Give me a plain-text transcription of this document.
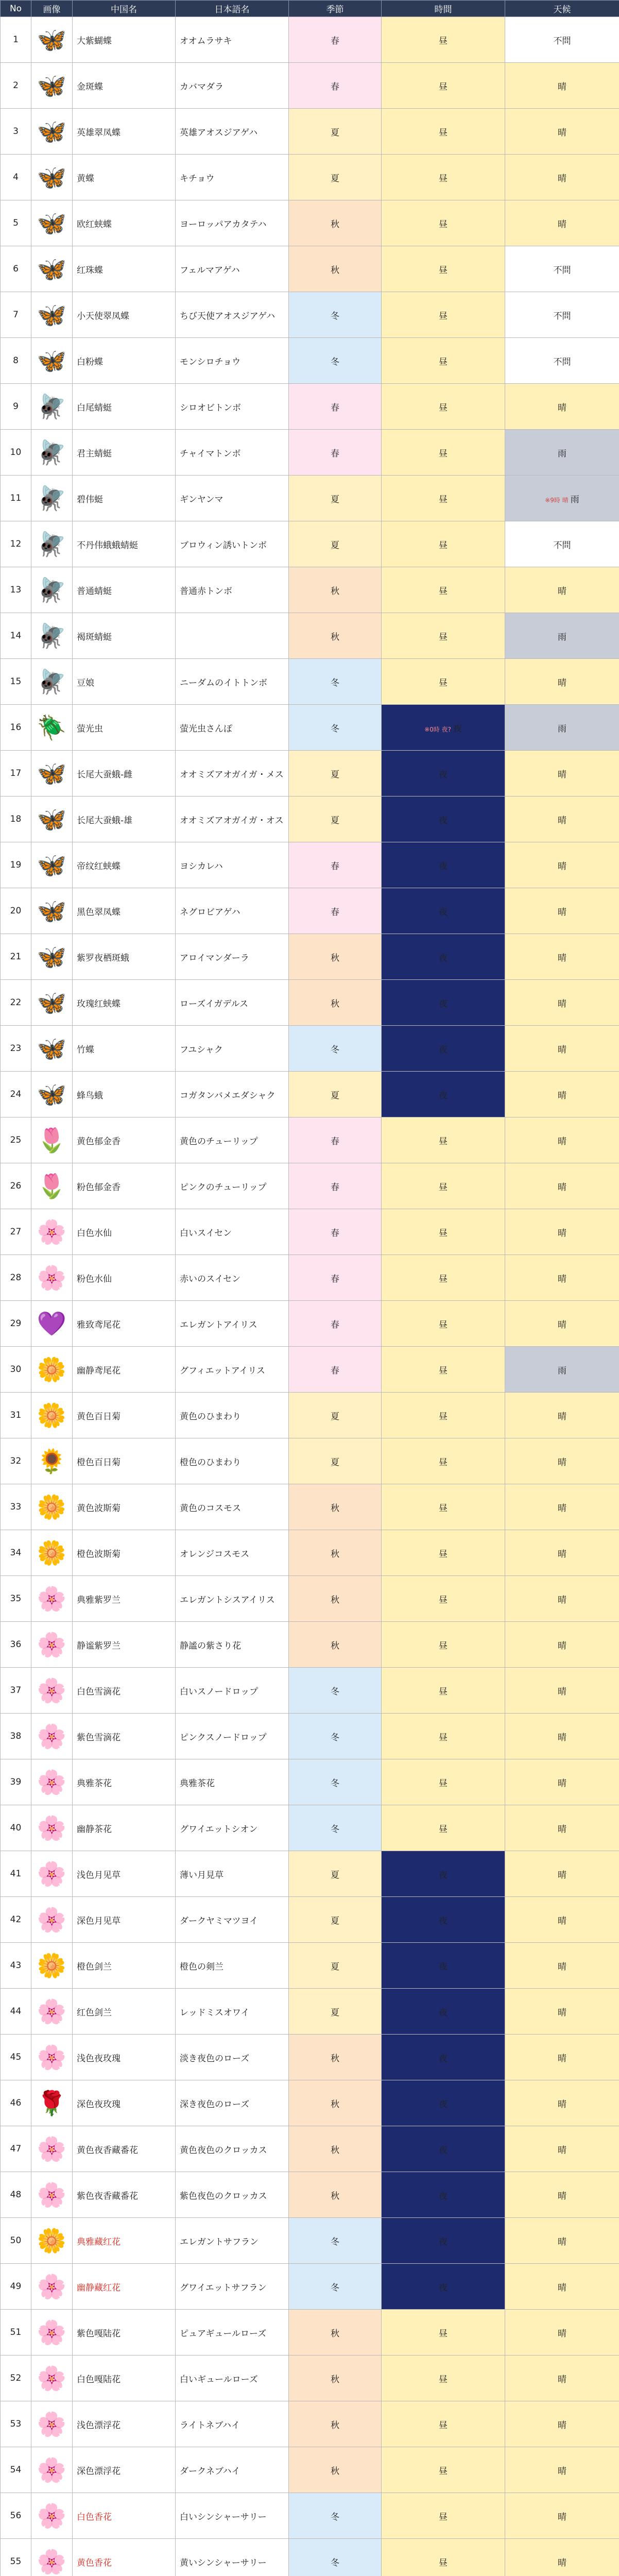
No	画像	中国名	日本語名	季節	時間	天候
1	🦋	大紫蝴蝶	オオムラサキ	春	昼	不問
2	🦋	金斑蝶	カバマダラ	春	昼	晴
3	🦋	英雄翠凤蝶	英雄アオスジアゲハ	夏	昼	晴
4	🦋	黄蝶	キチョウ	夏	昼	晴
5	🦋	欧红蛱蝶	ヨーロッパアカタテハ	秋	昼	晴
6	🦋	红珠蝶	フェルマアゲハ	秋	昼	不問
7	🦋	小天使翠凤蝶	ちび天使アオスジアゲハ	冬	昼	不問
8	🦋	白粉蝶	モンシロチョウ	冬	昼	不問
9	🪰	白尾蜻蜓	シロオビトンボ	春	昼	晴
10	🪰	君主蜻蜓	チャイマトンボ	春	昼	雨
11	🪰	碧伟蜓	ギンヤンマ	夏	昼	※9時 晴 雨
12	🪰	不丹伟蛾蛾蜻蜓	ブロウィン誘いトンボ	夏	昼	不問
13	🪰	普通蜻蜓	普通赤トンボ	秋	昼	晴
14	🪰	褐斑蜻蜓		秋	昼	雨
15	🪰	豆娘	ニーダムのイトトンボ	冬	昼	晴
16	🪲	萤光虫	萤光虫さんぽ	冬	※0時 夜? 夜	雨
17	🦋	长尾大蚕蛾-雌	オオミズアオガイガ・メス	夏	夜	晴
18	🦋	长尾大蚕蛾-雄	オオミズアオガイガ・オス	夏	夜	晴
19	🦋	帝纹红蛱蝶	ヨシカレハ	春	夜	晴
20	🦋	黑色翠凤蝶	ネグロビアゲハ	春	夜	晴
21	🦋	紫罗夜栖斑蛾	アロイマンダーラ	秋	夜	晴
22	🦋	玫瑰红蛱蝶	ローズイガデルス	秋	夜	晴
23	🦋	竹蝶	フユシャク	冬	夜	晴
24	🦋	蜂鸟蛾	コガタンバメエダシャク	夏	夜	晴
25	🌷	黄色郁金香	黄色のチューリップ	春	昼	晴
26	🌷	粉色郁金香	ピンクのチューリップ	春	昼	晴
27	🌸	白色水仙	白いスイセン	春	昼	晴
28	🌸	粉色水仙	赤いのスイセン	春	昼	晴
29	💜	雅致鸢尾花	エレガントアイリス	春	昼	晴
30	🌼	幽静鸢尾花	グフィエットアイリス	春	昼	雨
31	🌼	黄色百日菊	黄色のひまわり	夏	昼	晴
32	🌻	橙色百日菊	橙色のひまわり	夏	昼	晴
33	🌼	黄色波斯菊	黄色のコスモス	秋	昼	晴
34	🌼	橙色波斯菊	オレンジコスモス	秋	昼	晴
35	🌸	典雅紫罗兰	エレガントシスアイリス	秋	昼	晴
36	🌸	静谧紫罗兰	静謐の紫さり花	秋	昼	晴
37	🌸	白色雪滴花	白いスノードロップ	冬	昼	晴
38	🌸	紫色雪滴花	ピンクスノードロップ	冬	昼	晴
39	🌸	典雅茶花	典雅茶花	冬	昼	晴
40	🌸	幽静茶花	グワイエットシオン	冬	昼	晴
41	🌸	浅色月见草	薄い月見草	夏	夜	晴
42	🌸	深色月见草	ダークヤミマツヨイ	夏	夜	晴
43	🌼	橙色剑兰	橙色の剣兰	夏	夜	晴
44	🌸	红色剑兰	レッドミスオワイ	夏	夜	晴
45	🌸	浅色夜玫瑰	淡き夜色のローズ	秋	夜	晴
46	🌹	深色夜玫瑰	深き夜色のローズ	秋	夜	晴
47	🌸	黄色夜香藏番花	黄色夜色のクロッカス	秋	夜	晴
48	🌸	紫色夜香藏番花	紫色夜色のクロッカス	秋	夜	晴
50	🌼	典雅藏红花	エレガントサフラン	冬	夜	晴
49	🌸	幽静藏红花	グワイエットサフラン	冬	夜	晴
51	🌸	紫色嘎陆花	ピュアギュールローズ	秋	昼	晴
52	🌸	白色嘎陆花	白いギュールローズ	秋	昼	晴
53	🌸	浅色漂浮花	ライトネブハイ	秋	昼	晴
54	🌸	深色漂浮花	ダークネブハイ	秋	昼	晴
56	🌸	白色香花	白いシンシャーサリー	冬	昼	晴
55	🌸	黄色香花	黄いシンシャーサリー	冬	昼	晴
